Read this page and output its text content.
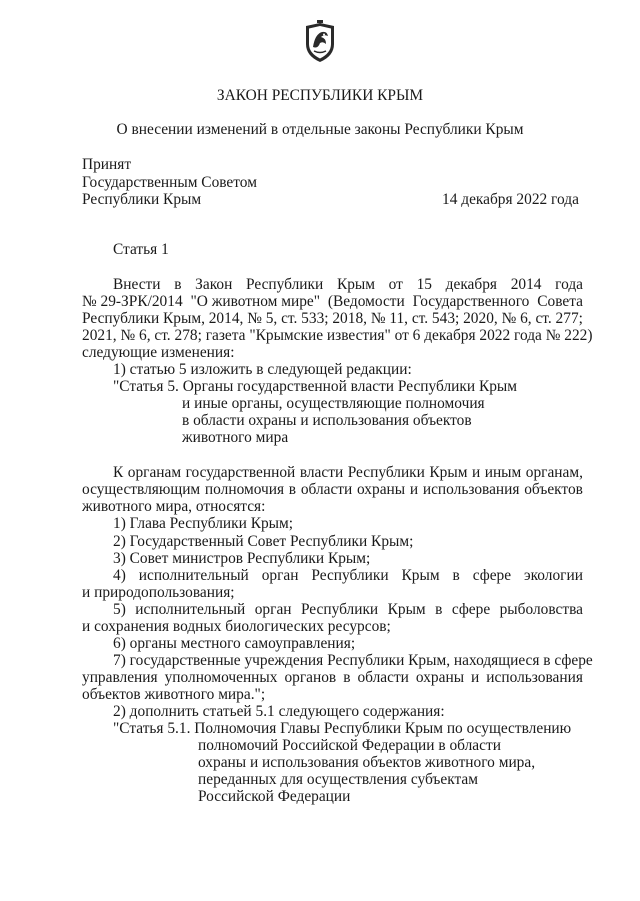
ЗАКОН РЕСПУБЛИКИ КРЫМ

О внесении изменений в отдельные законы Республики Крым

Принят

Государственным Советом

Республики Крым	14 декабря 2022 года

Статья 1

Внести в Закон Республики Крым от 15 декабря 2014 года
№ 29-ЗРК/2014 "О животном мире" (Ведомости Государственного Совета
Республики Крым, 2014, № 5, ст. 533; 2018, № 11, ст. 543; 2020, № 6, ст. 277;

2021, № 6, ст. 278; газета "Крымские известия" от 6 декабря 2022 года № 222)

следующие изменения:

1) статью 5 изложить в следующей редакции:

"Статья 5. Органы государственной власти Республики Крым

и иные органы, осуществляющие полномочия

в области охраны и использования объектов

животного мира

К органам государственной власти Республики Крым и иным органам,
осуществляющим полномочия в области охраны и использования объектов

животного мира, относятся:

1) Глава Республики Крым;

2) Государственный Совет Республики Крым;

3) Совет министров Республики Крым;

4) исполнительный орган Республики Крым в сфере экологии

и природопользования;

5) исполнительный орган Республики Крым в сфере рыболовства

и сохранения водных биологических ресурсов;

6) органы местного самоуправления;

7) государственные учреждения Республики Крым, находящиеся в сфере

управления уполномоченных органов в области охраны и использования

объектов животного мира.";

2) дополнить статьей 5.1 следующего содержания:

"Статья 5.1. Полномочия Главы Республики Крым по осуществлению

полномочий Российской Федерации в области

охраны и использования объектов животного мира,

переданных для осуществления субъектам

Российской Федерации
